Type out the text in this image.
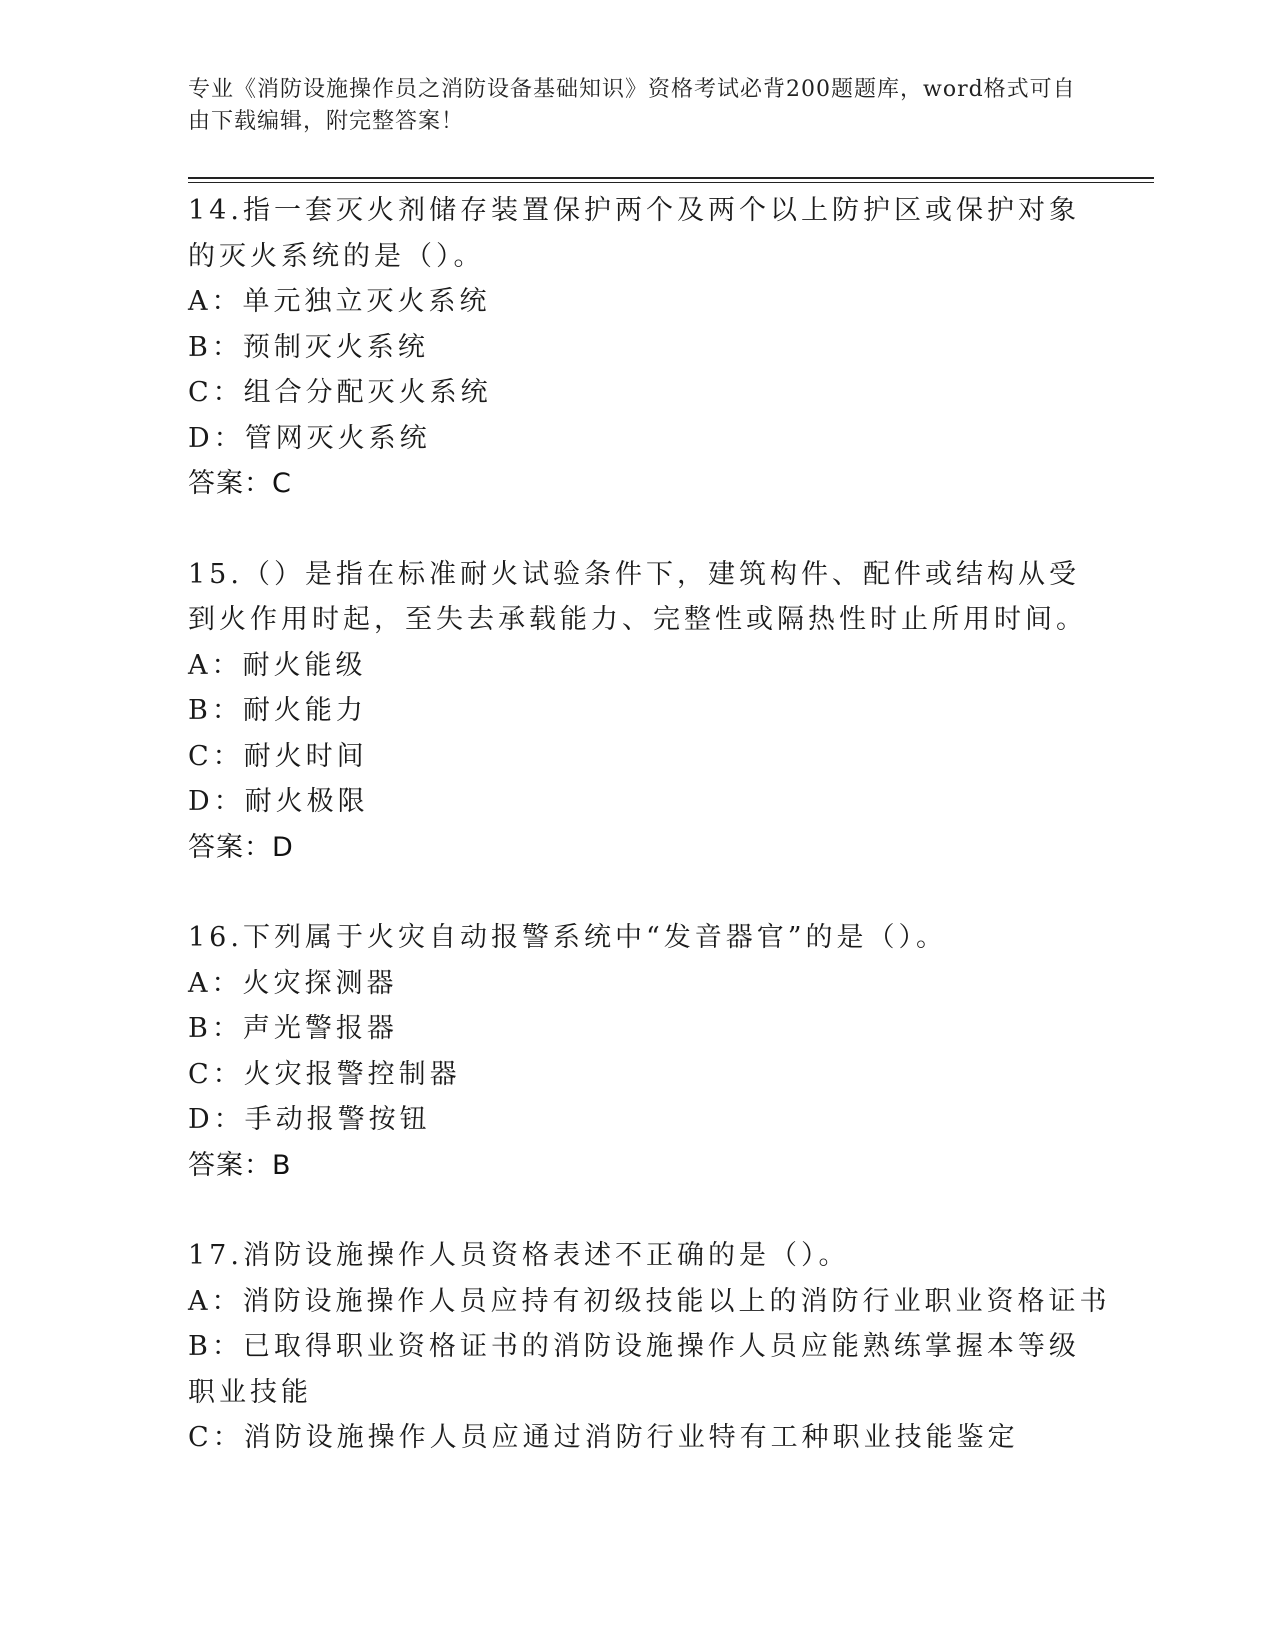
专业《消防设施操作员之消防设备基础知识》资格考试必背200题题库，word格式可自由下载编辑，附完整答案！
14.指一套灭火剂储存装置保护两个及两个以上防护区或保护对象的灭火系统的是（）。
A：单元独立灭火系统
B：预制灭火系统
C：组合分配灭火系统
D：管网灭火系统
答案：C
15.（）是指在标准耐火试验条件下，建筑构件、配件或结构从受到火作用时起，至失去承载能力、完整性或隔热性时止所用时间。
A：耐火能级
B：耐火能力
C：耐火时间
D：耐火极限
答案：D
16.下列属于火灾自动报警系统中“发音器官”的是（）。
A：火灾探测器
B：声光警报器
C：火灾报警控制器
D：手动报警按钮
答案：B
17.消防设施操作人员资格表述不正确的是（）。
A：消防设施操作人员应持有初级技能以上的消防行业职业资格证书
B：已取得职业资格证书的消防设施操作人员应能熟练掌握本等级职业技能
C：消防设施操作人员应通过消防行业特有工种职业技能鉴定
